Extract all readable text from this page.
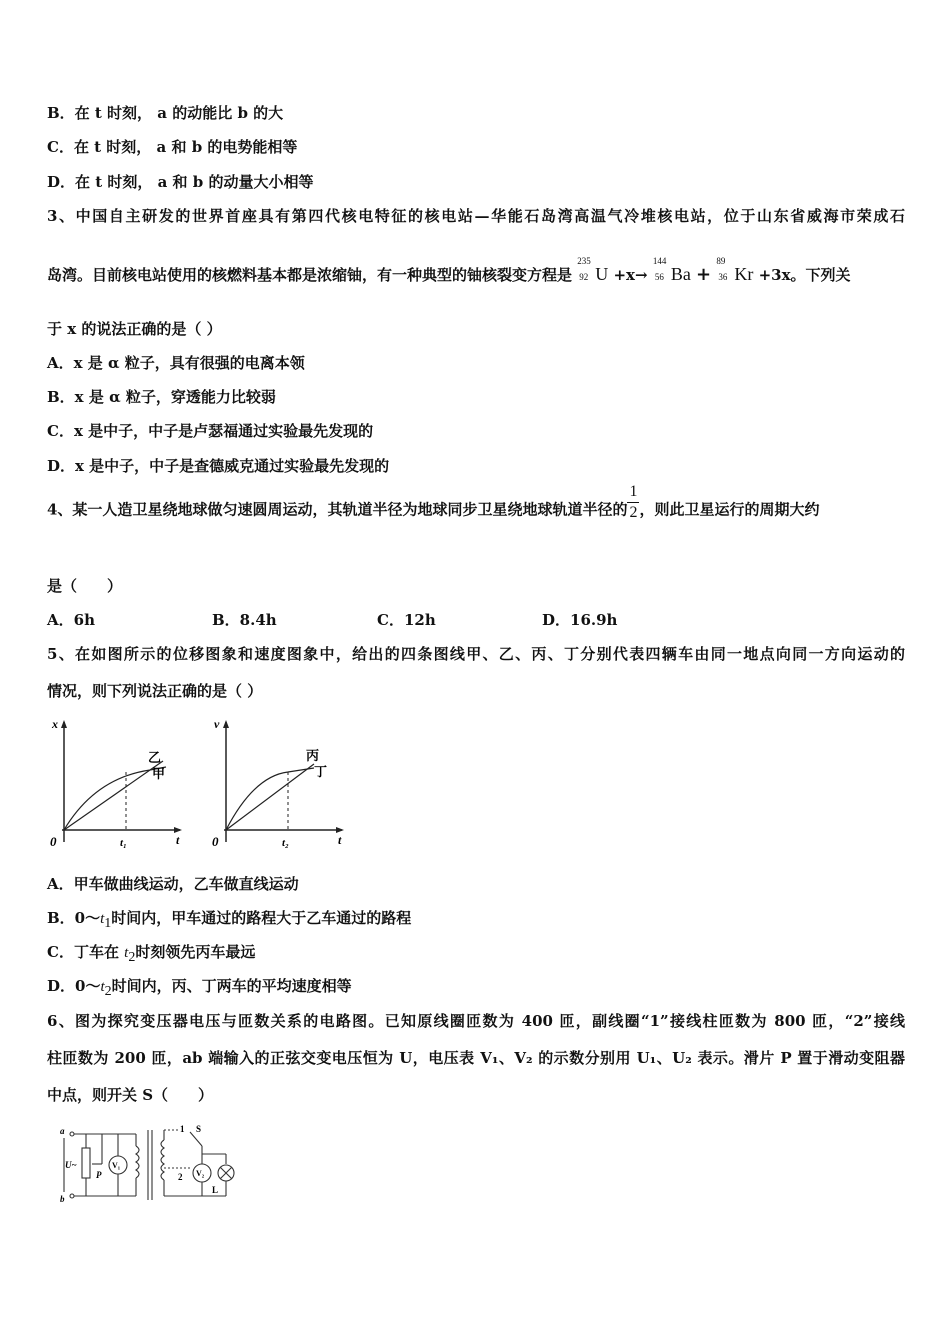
B．在 t 时刻， a 的动能比 b 的大
C．在 t 时刻， a 和 b 的电势能相等
D．在 t 时刻， a 和 b 的动量大小相等
3、中国自主研发的世界首座具有第四代核电特征的核电站—华能石岛湾高温气冷堆核电站，位于山东省威海市荣成石
岛湾。目前核电站使用的核燃料基本都是浓缩铀，有一种典型的铀核裂变方程是
235
92 U +x→
144
56 Ba +
89
36 Kr +3x。下列关
于 x 的说法正确的是（ ）
A．x 是 α 粒子，具有很强的电离本领
B．x 是 α 粒子，穿透能力比较弱
C．x 是中子，中子是卢瑟福通过实验最先发现的
D．x 是中子，中子是查德威克通过实验最先发现的
4、某一人造卫星绕地球做匀速圆周运动，其轨道半径为地球同步卫星绕地球轨道半径的 $\frac{1}{2}$ ，则此卫星运行的周期大约
是（　　）
A．6h	B．8.4h	C．12h	D．16.9h
5、在如图所示的位移图象和速度图象中，给出的四条图线甲、乙、丙、丁分别代表四辆车由同一地点向同一方向运动的
情况，则下列说法正确的是（ ）
x
t
0	t₁
乙
甲
v
t
0	t₂
丙
丁
A．甲车做曲线运动，乙车做直线运动
B．$0\sim t_1$时间内，甲车通过的路程大于乙车通过的路程
C．丁车在 $t_2$时刻领先丙车最远
D．$0\sim t_2$时间内，丙、丁两车的平均速度相等
6、图为探究变压器电压与匝数关系的电路图。已知原线圈匝数为 400 匝，副线圈“1”接线柱匝数为 800 匝，“2”接线
柱匝数为 200 匝，ab 端输入的正弦交变电压恒为 U，电压表 V₁、V₂ 的示数分别用 U₁、U₂ 表示。滑片 P 置于滑动变阻器
中点，则开关 S（　　）
a
b
U~
P
V₁
V₂
1
2
S
L
